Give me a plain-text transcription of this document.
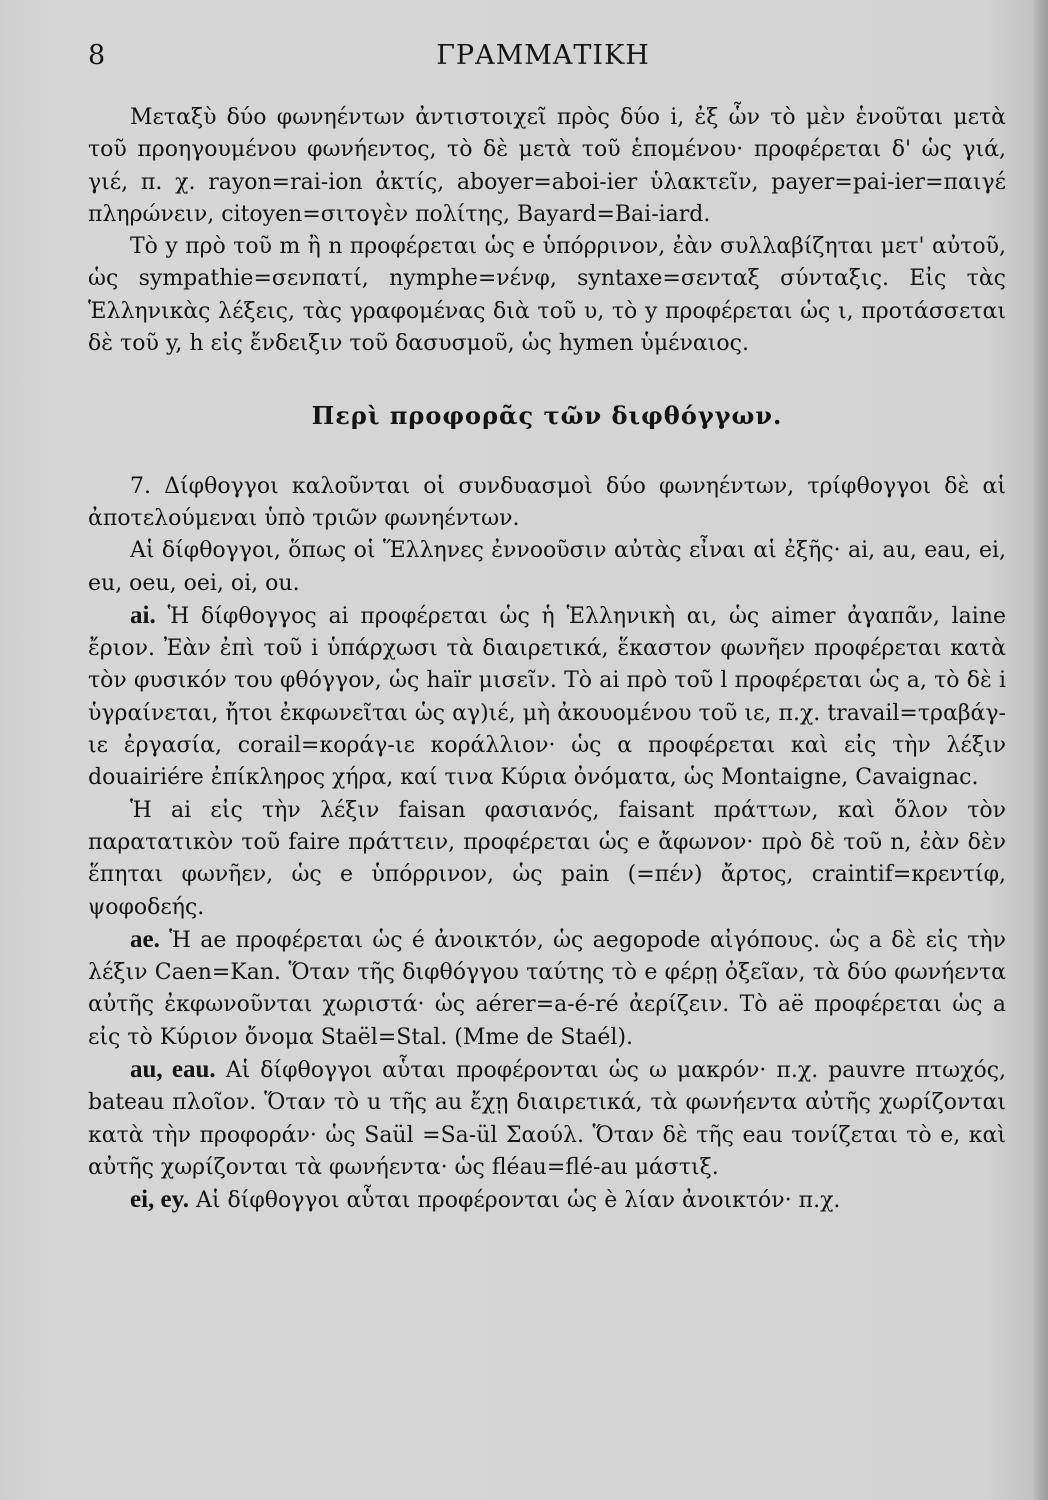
8	ΓΡΑΜΜΑΤΙΚΗ

Μεταξὺ δύο φωνηέντων ἀντιστοιχεῖ πρὸς δύο i, ἐξ ὧν τὸ μὲν ἑνοῦται μετὰ τοῦ προηγουμένου φωνήεντος, τὸ δὲ μετὰ τοῦ ἑπομένου· προφέρεται δ' ὡς γιά, γιέ, π. χ. rayon=rai-ion ἀκτίς, aboyer=aboi-ier ὑλακτεῖν, payer=pai-ier=παιγέ πληρώνειν, citoyen=σιτογὲν πολίτης, Bayard=Bai-iard.

Τὸ y πρὸ τοῦ m ἢ n προφέρεται ὡς e ὑπόρρινον, ἐὰν συλλαβίζηται μετ' αὐτοῦ, ὡς sympathie=σενπατί, nymphe=νένφ, syntaxe=σενταξ σύνταξις. Εἰς τὰς Ἑλληνικὰς λέξεις, τὰς γραφομένας διὰ τοῦ υ, τὸ y προφέρεται ὡς ι, προτάσσεται δὲ τοῦ y, h εἰς ἔνδειξιν τοῦ δασυσμοῦ, ὡς hymen ὑμέναιος.

Περὶ προφορᾶς τῶν διφθόγγων.

7. Δίφθογγοι καλοῦνται οἱ συνδυασμοὶ δύο φωνηέντων, τρίφθογγοι δὲ αἱ ἀποτελούμεναι ὑπὸ τριῶν φωνηέντων.

Αἱ δίφθογγοι, ὅπως οἱ Ἕλληνες ἐννοοῦσιν αὐτὰς εἶναι αἱ ἐξῆς· ai, au, eau, ei, eu, oeu, oei, oi, ou.

ai. Ἡ δίφθογγος ai προφέρεται ὡς ἡ Ἑλληνικὴ αι, ὡς aimer ἀγαπᾶν, laine ἔριον. Ἐὰν ἐπὶ τοῦ i ὑπάρχωσι τὰ διαιρετικά, ἕκαστον φωνῆεν προφέρεται κατὰ τὸν φυσικόν του φθόγγον, ὡς haïr μισεῖν. Τὸ ai πρὸ τοῦ l προφέρεται ὡς a, τὸ δὲ i ὑγραίνεται, ἤτοι ἐκφωνεῖται ὡς αγ)ιέ, μὴ ἀκουομένου τοῦ ιε, π.χ. travail=τραβάγ-ιε ἐργασία, corail=κοράγ-ιε κοράλλιον· ὡς α προφέρεται καὶ εἰς τὴν λέξιν douairiére ἐπίκληρος χήρα, καί τινα Κύρια ὀνόματα, ὡς Montaigne, Cavaignac.

Ἡ ai εἰς τὴν λέξιν faisan φασιανός, faisant πράττων, καὶ ὅλον τὸν παρατατικὸν τοῦ faire πράττειν, προφέρεται ὡς e ἄφωνον· πρὸ δὲ τοῦ n, ἐὰν δὲν ἕπηται φωνῆεν, ὡς e ὑπόρρινον, ὡς pain (=πέν) ἄρτος, craintif=κρεντίφ, ψοφοδεής.

ae. Ἡ ae προφέρεται ὡς é ἀνοικτόν, ὡς aegopode αἰγόπους. ὡς a δὲ εἰς τὴν λέξιν Caen=Kan. Ὅταν τῆς διφθόγγου ταύτης τὸ e φέρῃ ὀξεῖαν, τὰ δύο φωνήεντα αὐτῆς ἐκφωνοῦνται χωριστά· ὡς aérer=a-é-ré ἀερίζειν. Τὸ aë προφέρεται ὡς a εἰς τὸ Κύριον ὄνομα Staël=Stal. (Mme de Staél).

au, eau. Αἱ δίφθογγοι αὗται προφέρονται ὡς ω μακρόν· π.χ. pauvre πτωχός, bateau πλοῖον. Ὅταν τὸ u τῆς au ἔχῃ διαιρετικά, τὰ φωνήεντα αὐτῆς χωρίζονται κατὰ τὴν προφοράν· ὡς Saül =Sa-ül Σαούλ. Ὅταν δὲ τῆς eau τονίζεται τὸ e, καὶ αὐτῆς χωρίζονται τὰ φωνήεντα· ὡς fléau=flé-au μάστιξ.

ei, ey. Αἱ δίφθογγοι αὗται προφέρονται ὡς è λίαν ἀνοικτόν· π.χ.
